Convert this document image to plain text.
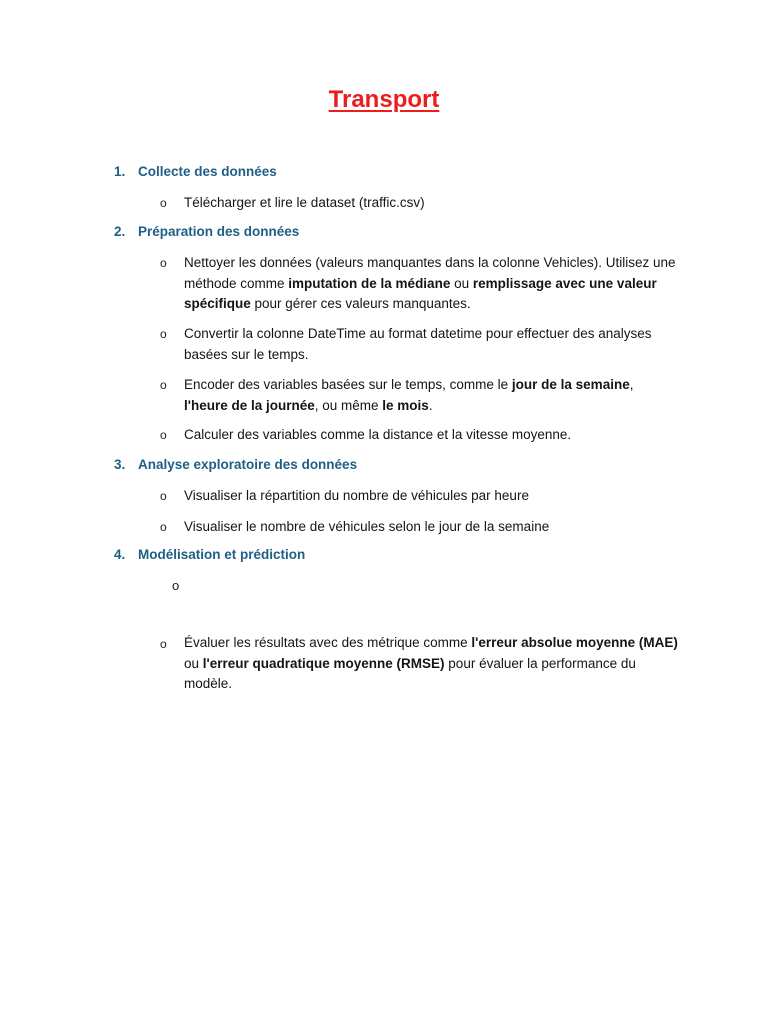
Transport
1. Collecte des données
o Télécharger et lire le dataset (traffic.csv)
2. Préparation des données
o Nettoyer les données (valeurs manquantes dans la colonne Vehicles). Utilisez une méthode comme imputation de la médiane ou remplissage avec une valeur spécifique pour gérer ces valeurs manquantes.
o Convertir la colonne DateTime au format datetime pour effectuer des analyses basées sur le temps.
o Encoder des variables basées sur le temps, comme le jour de la semaine, l'heure de la journée, ou même le mois.
o Calculer des variables comme la distance et la vitesse moyenne.
3. Analyse exploratoire des données
o Visualiser la répartition du nombre de véhicules par heure
o Visualiser le nombre de véhicules selon le jour de la semaine
4. Modélisation et prédiction
o
o Évaluer les résultats avec des métrique comme l'erreur absolue moyenne (MAE) ou l'erreur quadratique moyenne (RMSE) pour évaluer la performance du modèle.
